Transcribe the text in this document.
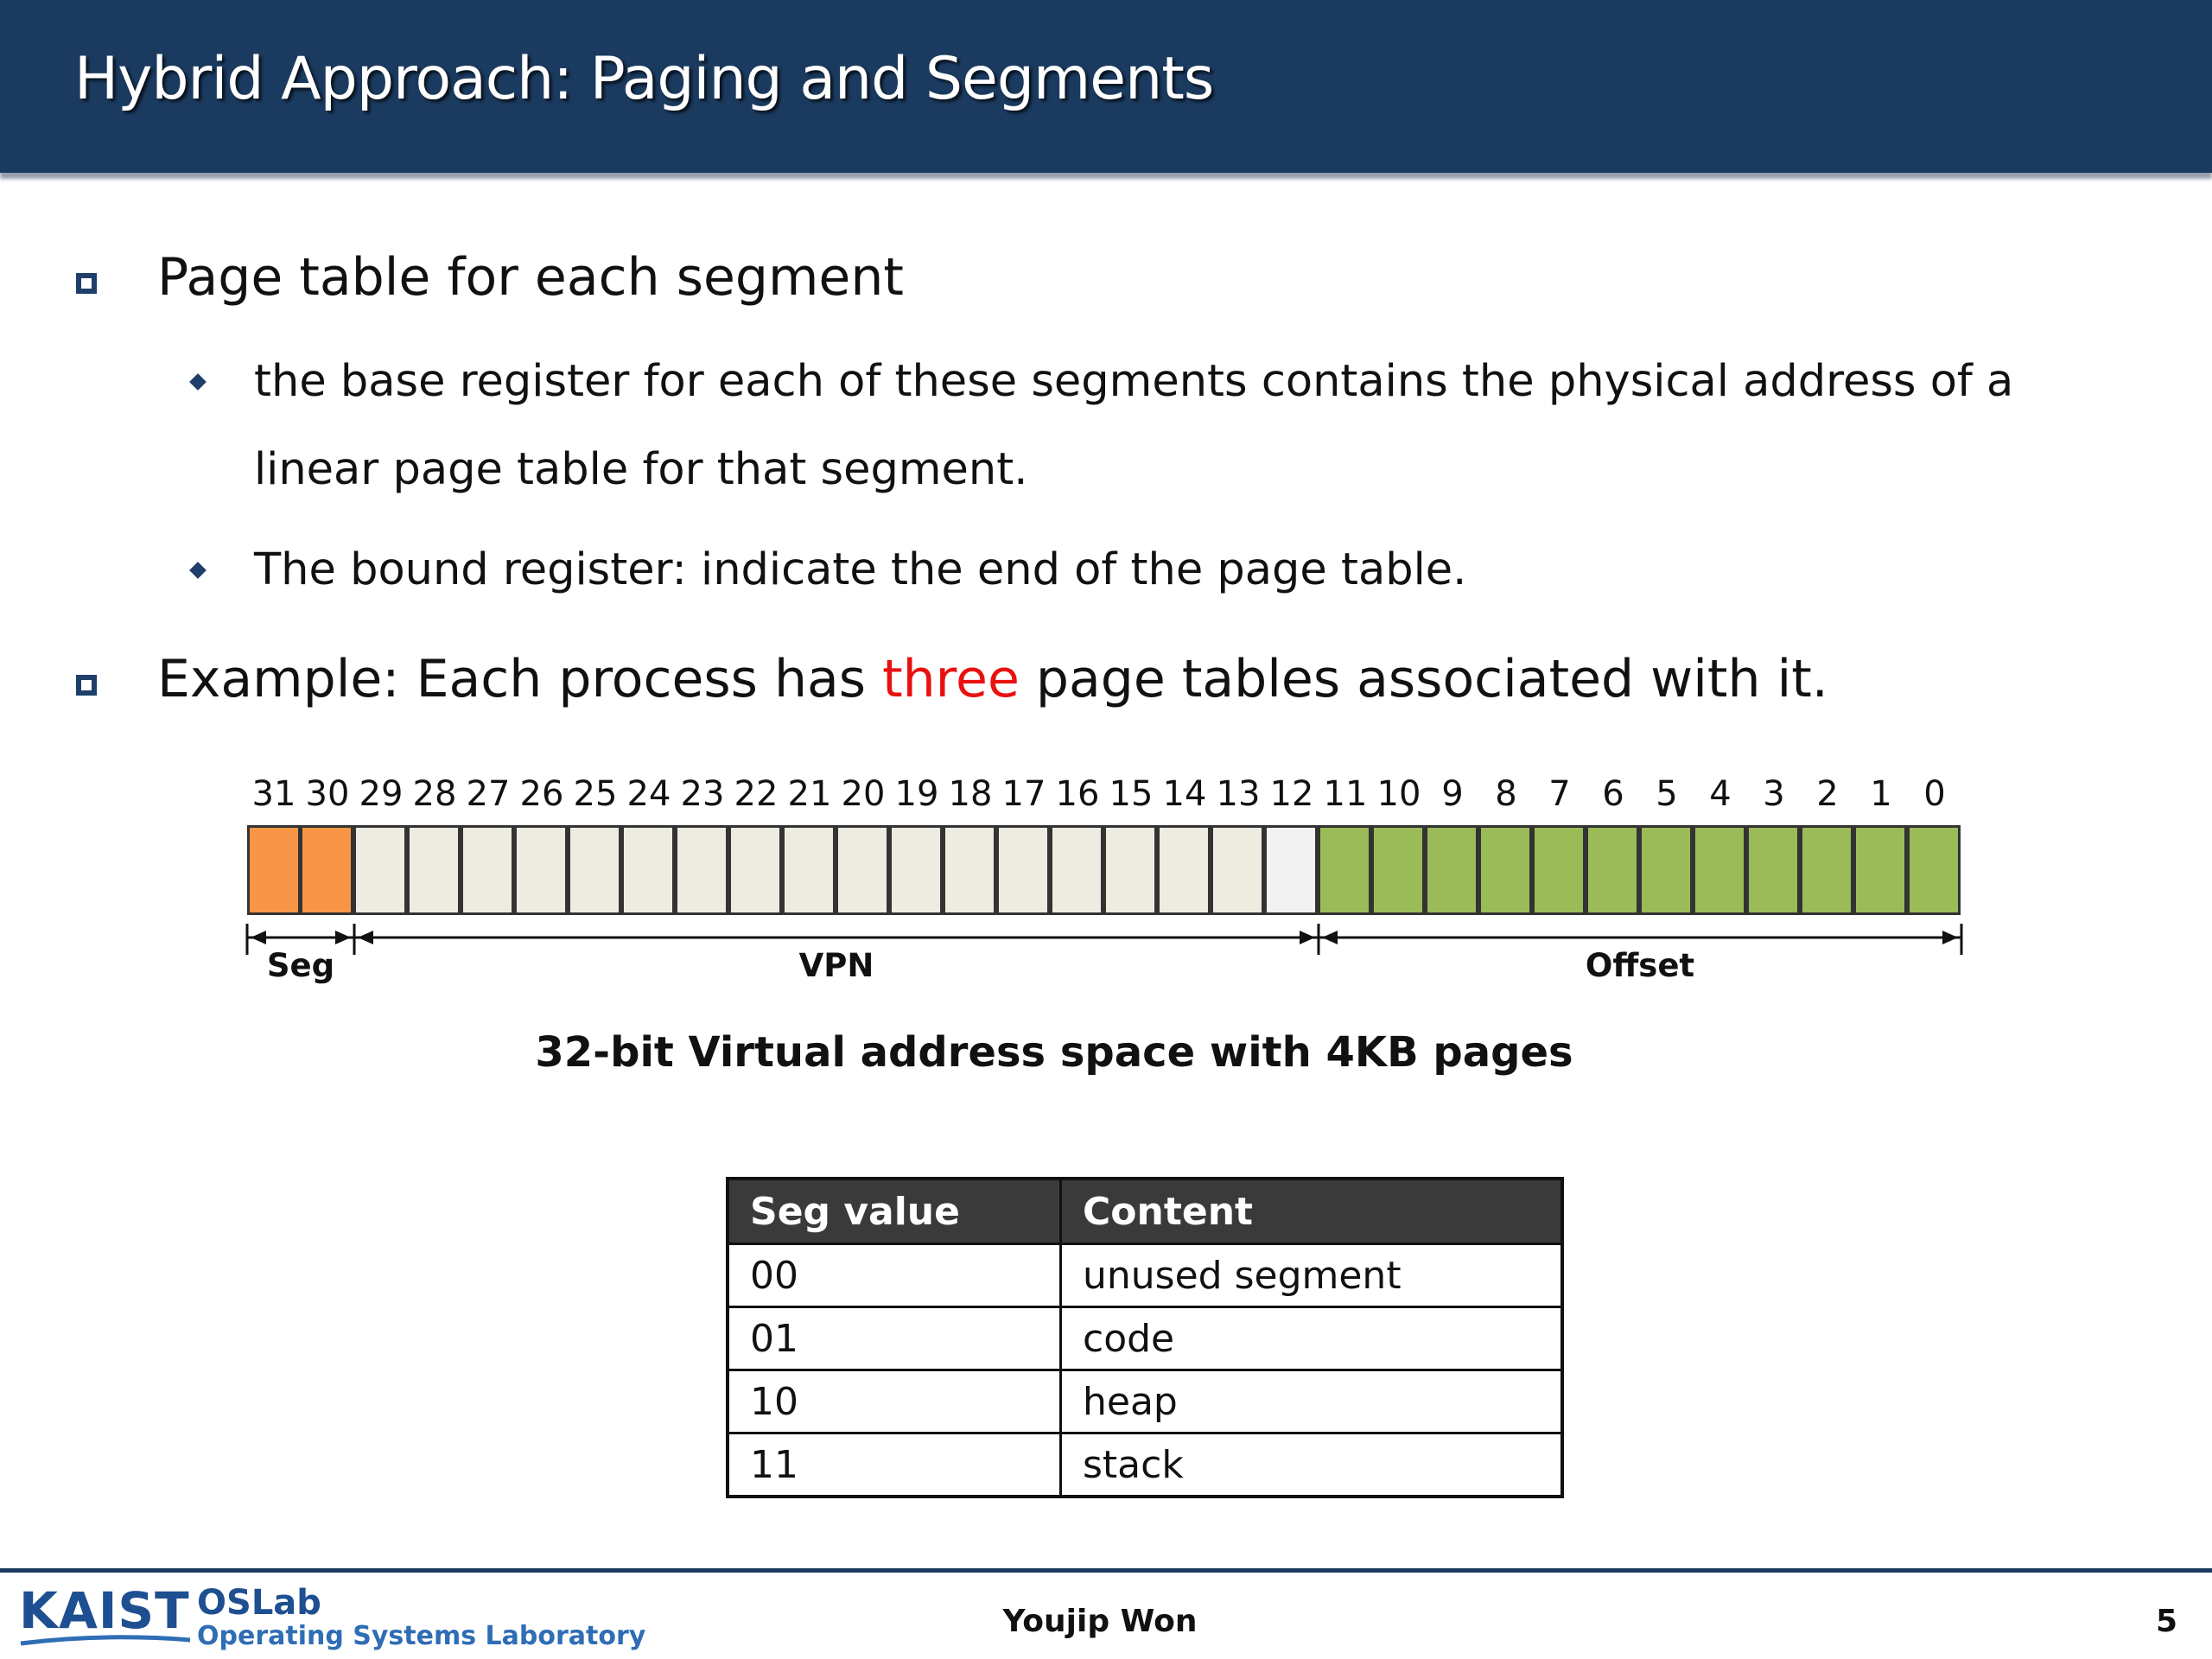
Hybrid Approach: Paging and Segments
Page table for each segment
the base register for each of these segments contains the physical address of a
linear page table for that segment.
The bound register: indicate the end of the page table.
Example: Each process has three page tables associated with it.
31 30 29 28 27 26 25 24 23 22 21 20 19 18 17 16 15 14 13 12 11 10 9 8 7 6 5 4 3 2 1 0
Seg	VPN	Offset
32-bit Virtual address space with 4KB pages
Seg value	Content
00	unused segment
01	code
10	heap
11	stack
KAIST OSLab
Operating Systems Laboratory	Youjip Won	5
